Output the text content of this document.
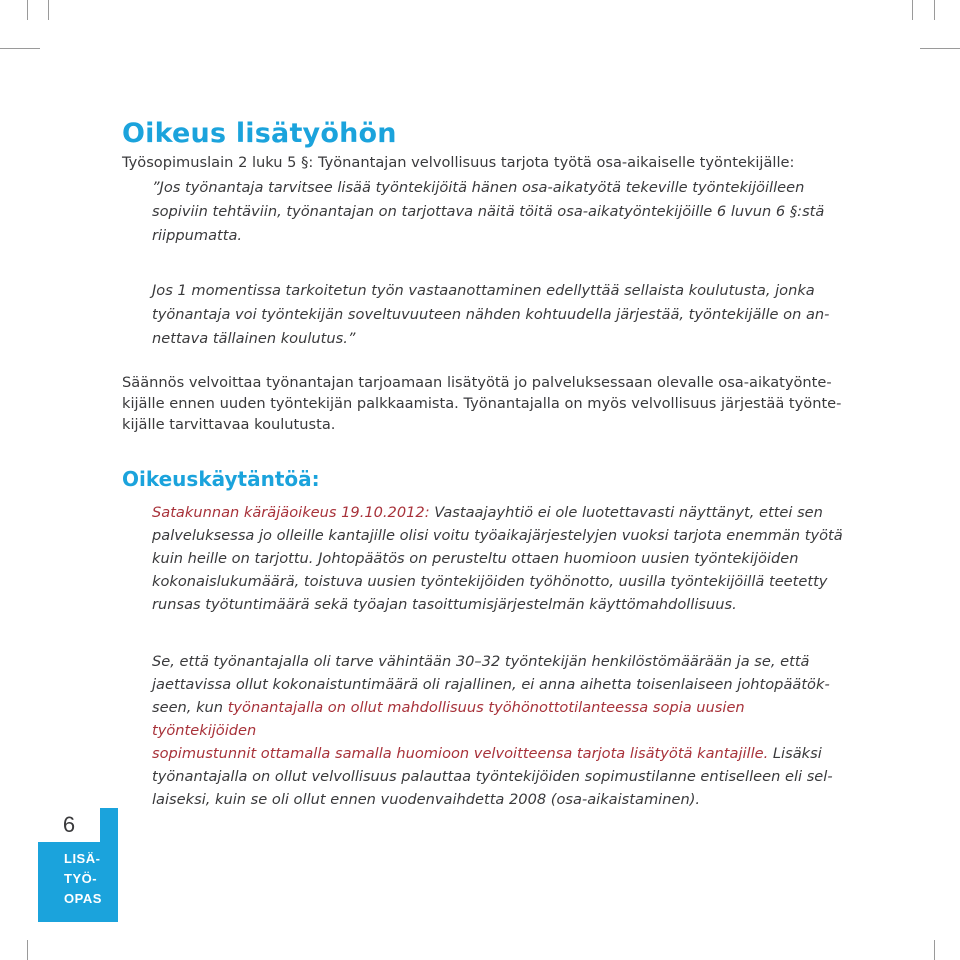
Oikeus lisätyöhön
Työsopimuslain 2 luku 5 §: Työnantajan velvollisuus tarjota työtä osa-aikaiselle työntekijälle:

”Jos työnantaja tarvitsee lisää työntekijöitä hänen osa-aikatyötä tekeville työntekijöilleen

sopiviin tehtäviin, työnantajan on tarjottava näitä töitä osa-aikatyöntekijöille 6 luvun 6 §:stä

riippumatta.

Jos 1 momentissa tarkoitetun työn vastaanottaminen edellyttää sellaista koulutusta, jonka

työnantaja voi työntekijän soveltuvuuteen nähden kohtuudella järjestää, työntekijälle on an-

nettava tällainen koulutus.”

Säännös velvoittaa työnantajan tarjoamaan lisätyötä jo palveluksessaan olevalle osa-aikatyönte-

kijälle ennen uuden työntekijän palkkaamista. Työnantajalla on myös velvollisuus järjestää työnte-

kijälle tarvittavaa koulutusta.

Oikeuskäytäntöä:

Satakunnan käräjäoikeus 19.10.2012: Vastaajayhtiö ei ole luotettavasti näyttänyt, ettei sen

palveluksessa jo olleille kantajille olisi voitu työaikajärjestelyjen vuoksi tarjota enemmän työtä

kuin heille on tarjottu. Johtopäätös on perusteltu ottaen huomioon uusien työntekijöiden

kokonaislukumäärä, toistuva uusien työntekijöiden työhönotto, uusilla työntekijöillä teetetty

runsas työtuntimäärä sekä työajan tasoittumisjärjestelmän käyttömahdollisuus.

Se, että työnantajalla oli tarve vähintään 30–32 työntekijän henkilöstömäärään ja se, että

jaettavissa ollut kokonaistuntimäärä oli rajallinen, ei anna aihetta toisenlaiseen johtopäätök-

seen, kun työnantajalla on ollut mahdollisuus työhönottotilanteessa sopia uusien työntekijöiden

sopimustunnit ottamalla samalla huomioon velvoitteensa tarjota lisätyötä kantajille. Lisäksi

työnantajalla on ollut velvollisuus palauttaa työntekijöiden sopimustilanne entiselleen eli sel-

laiseksi, kuin se oli ollut ennen vuodenvaihdetta 2008 (osa-aikaistaminen).

6
LISÄ-
TYÖ-
OPAS
